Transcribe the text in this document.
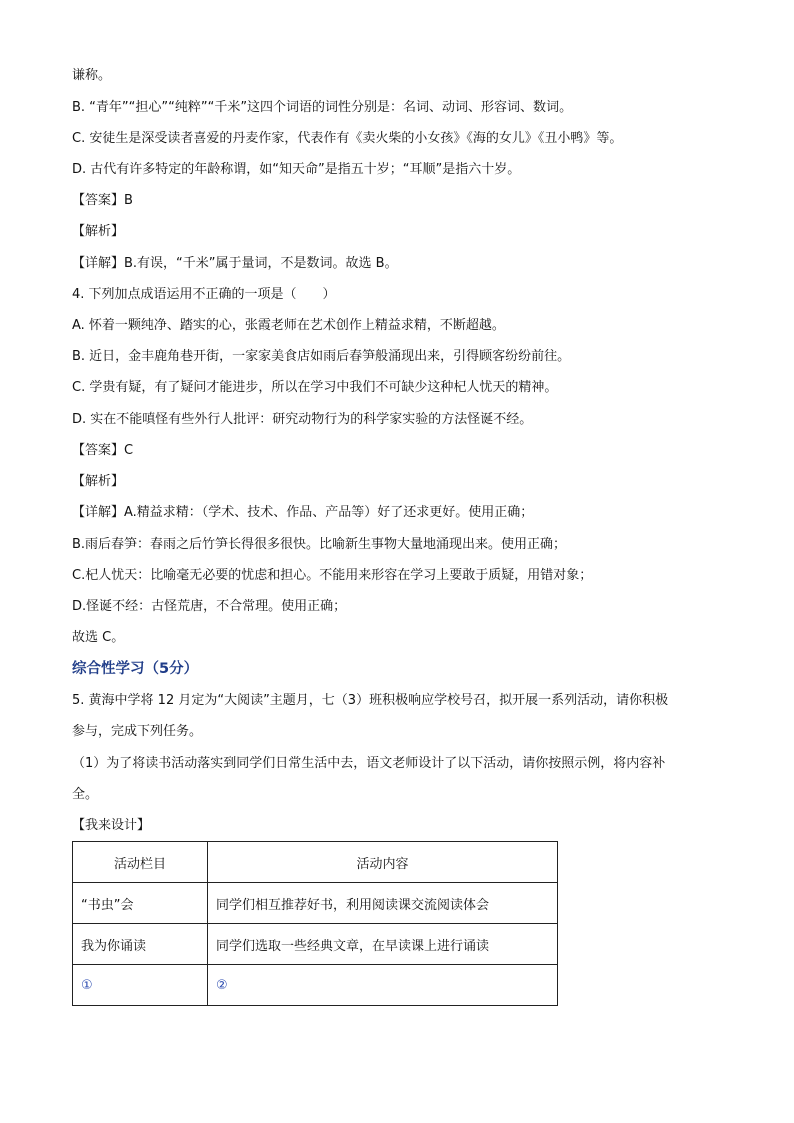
谦称。
B. “青年”“担心”“纯粹”“千米”这四个词语的词性分别是：名词、动词、形容词、数词。
C. 安徒生是深受读者喜爱的丹麦作家，代表作有《卖火柴的小女孩》《海的女儿》《丑小鸭》等。
D. 古代有许多特定的年龄称谓，如“知天命”是指五十岁；“耳顺”是指六十岁。
【答案】B
【解析】
【详解】B.有误，“千米”属于量词，不是数词。故选 B。
4. 下列加点成语运用不正确的一项是（　　）
A. 怀着一颗纯净、踏实的心，张霞老师在艺术创作上精益求精，不断超越。
B. 近日，金丰鹿角巷开街，一家家美食店如雨后春笋般涌现出来，引得顾客纷纷前往。
C. 学贵有疑，有了疑问才能进步，所以在学习中我们不可缺少这种杞人忧天的精神。
D. 实在不能嗔怪有些外行人批评：研究动物行为的科学家实验的方法怪诞不经。
【答案】C
【解析】
【详解】A.精益求精：（学术、技术、作品、产品等）好了还求更好。使用正确；
B.雨后春笋：春雨之后竹笋长得很多很快。比喻新生事物大量地涌现出来。使用正确；
C.杞人忧天：比喻毫无必要的忧虑和担心。不能用来形容在学习上要敢于质疑，用错对象；
D.怪诞不经：古怪荒唐，不合常理。使用正确；
故选 C。
综合性学习（5分）
5. 黄海中学将 12 月定为“大阅读”主题月，七（3）班积极响应学校号召，拟开展一系列活动，请你积极
参与，完成下列任务。
（1）为了将读书活动落实到同学们日常生活中去，语文老师设计了以下活动，请你按照示例，将内容补
全。
【我来设计】
活动栏目	活动内容
“书虫”会	同学们相互推荐好书，利用阅读课交流阅读体会
我为你诵读	同学们选取一些经典文章，在早读课上进行诵读
①	②
